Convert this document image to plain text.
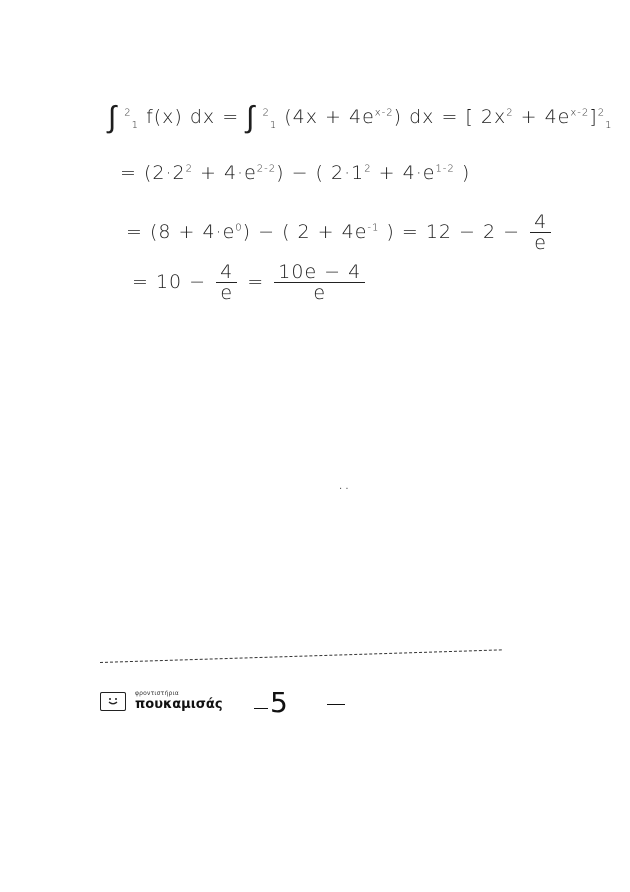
∫ $^2_1$ f(x) dx = ∫ $^2_1$ $(4x + 4e^{x-2})$ dx = [ $2x^2 + 4e^{x-2}]^2_1$
= $(2\cdot 2^2 + 4\cdot e^{2-2})$ − ( $2\cdot 1^2 + 4\cdot e^{1-2}$ )
= $(8 + 4\cdot e^0)$ − ( $2 + 4e^{-1}$ ) = $12 - 2 - \frac{4}{e}$
= $10 - \frac{4}{e} = \frac{10e - 4}{e}$
· ·
φροντιστήρια
πουκαμισάς	5
